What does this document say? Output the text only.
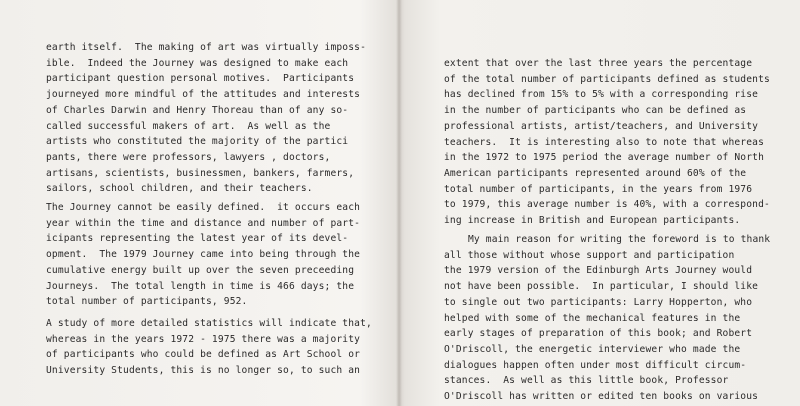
earth itself.  The making of art was virtually imposs-
ible.  Indeed the Journey was designed to make each
participant question personal motives.  Participants
journeyed more mindful of the attitudes and interests
of Charles Darwin and Henry Thoreau than of any so-
called successful makers of art.  As well as the
artists who constituted the majority of the partici
pants, there were professors, lawyers , doctors,
artisans, scientists, businessmen, bankers, farmers,
sailors, school children, and their teachers.

The Journey cannot be easily defined.  it occurs each
year within the time and distance and number of part-
icipants representing the latest year of its devel-
opment.  The 1979 Journey came into being through the
cumulative energy built up over the seven preceeding
Journeys.  The total length in time is 466 days; the
total number of participants, 952.

A study of more detailed statistics will indicate that,
whereas in the years 1972 - 1975 there was a majority
of participants who could be defined as Art School or
University Students, this is no longer so, to such an

extent that over the last three years the percentage
of the total number of participants defined as students
has declined from 15% to 5% with a corresponding rise
in the number of participants who can be defined as
professional artists, artist/teachers, and University
teachers.  It is interesting also to note that whereas
in the 1972 to 1975 period the average number of North
American participants represented around 60% of the
total number of participants, in the years from 1976
to 1979, this average number is 40%, with a correspond-
ing increase in British and European participants.

My main reason for writing the foreword is to thank
all those without whose support and participation
the 1979 version of the Edinburgh Arts Journey would
not have been possible.  In particular, I should like
to single out two participants: Larry Hopperton, who
helped with some of the mechanical features in the
early stages of preparation of this book; and Robert
O'Driscoll, the energetic interviewer who made the
dialogues happen often under most difficult circum-
stances.  As well as this little book, Professor
O'Driscoll has written or edited ten books on various
